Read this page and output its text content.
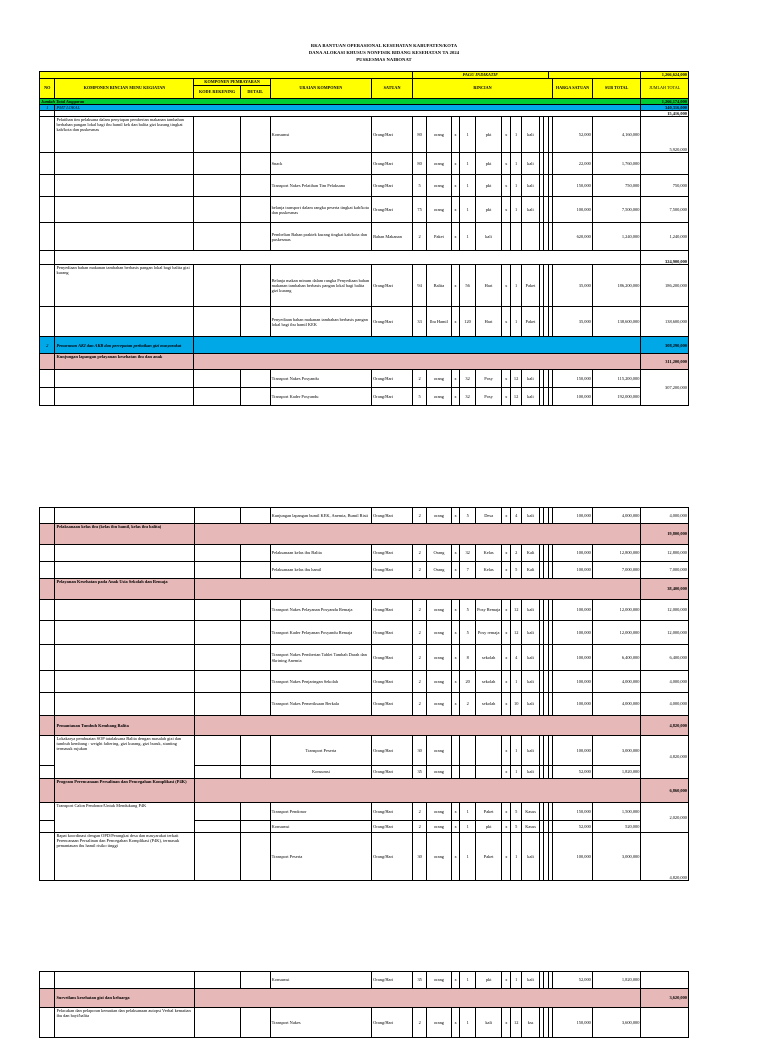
RKA BANTUAN OPERASIONAL KESEHATAN KABUPATEN/KOTA
DANA ALOKASI KHUSUS NONFISIK BIDANG KESEHATAN TA 2024
PUSKESMAS NAIBONAT
						PAGU INDIKATIF													1,266,624,000
NO	KOMPONEN RINCIAN MENU KEGIATAN	KOMPONEN PEMBAYARAN		URAIAN KOMPONEN	SATUAN	RINCIAN											HARGA SATUAN	SUB TOTAL	JUMLAH TOTAL
		KODE REKENING	DETAIL																
Jumlah Total Anggaran																			1,266,174,000
1	PMT LOKAL																		340,316,000
																			15,416,000
	Pelatihan tim pelaksana dalam penyiapan pemberian makanan tambahan berbahan pangan lokal bagi ibu hamil kek dan balita gizi kurang tingkat kab/kota dan puskesmas			Konsumsi	Orang/Hari	80	orang	x	1	pkt	x	1	kali				52,000	4,160,000	5,920,000
				Snack	Orang/Hari	80	orang	x	1	pkt	x	1	kali				22,000	1,760,000	
				Transport Nakes Pelatihan Tim Pelaksana	Orang/Hari	5	orang	x	1	pkt	x	1	kali				150,000	750,000	750,000
				belanja transport dalam rangka peserta tingkat kab/kota dan puskesmas	Orang/Hari	75	orang	x	1	pkt	x	1	kali				100,000	7,500,000	7,500,000
				Pembelian Bahan praktek kurang tingkat kab/kota dan puskesmas	Bahan Makanan	2	Paket	x	1	kali							620,000	1,240,000	1,240,000
																			324,900,000
	Penyediaan bahan makanan tambahan berbasis pangan lokal bagi balita gizi kurang			Belanja makan minum dalam rangka Penyediaan bahan makanan tambahan berbasis pangan lokal bagi balita gizi kurang	Orang/Hari	94	Balita	x	56	Hari	x	1	Paket				35,000	186,200,000	186,200,000
				Penyediaan bahan makanan tambahan berbasis pangan lokal bagi ibu hamil KEK	Orang/Hari	33	Ibu Hamil	x	120	Hari	x	1	Paket				35,000	138,600,000	138,600,000
2	Penurunan AKI dan AKB dan percepatan perbaikan gizi masyarakat																		308,290,000
	Kunjungan lapangan pelayanan kesehatan ibu dan anak																		311,200,000
				Transport Nakes Posyandu	Orang/Hari	2	orang	x	32	Posy	x	12	kali				150,000	115,200,000	307,200,000
				Transport Kader Posyandu	Orang/Hari	5	orang	x	32	Posy	x	12	kali				100,000	192,000,000	
				Kunjungan lapangan bumil KEK, Anemia, Bumil Risti	Orang/Hari	2	orang	x	5	Desa	x	4	kali				100,000	4,000,000	4,000,000
	Pelaksanaan kelas ibu (kelas ibu hamil, kelas ibu balita)																		19,800,000
				Pelaksanaan kelas ibu Balita	Orang/Hari	2	Orang	x	32	Kelas	x	2	Kali				100,000	12,800,000	12,800,000
				Pelaksanaan kelas ibu hamil	Orang/Hari	2	Orang	x	7	Kelas	x	5	Kali				100,000	7,000,000	7,000,000
	Pelayanan Kesehatan pada Anak Usia Sekolah dan Remaja																		38,400,000
				Transport Nakes Pelayanan Posyandu Remaja	Orang/Hari	2	orang	x	5	Posy Remaja	x	12	kali				100,000	12,000,000	12,000,000
				Transport Kader Pelayanan Posyandu Remaja	Orang/Hari	2	orang	x	5	Posy remaja	x	12	kali				100,000	12,000,000	12,000,000
				Transport Nakes Pemberian Tablet Tambah Darah dan Skrining Anemia	Orang/Hari	2	orang	x	8	sekolah	x	4	kali				100,000	6,400,000	6,400,000
				Transport Nakes Penjaringan Sekolah	Orang/Hari	2	orang	x	20	sekolah	x	1	kali				100,000	4,000,000	4,000,000
				Transport Nakes Pemeriksaan Berkala	Orang/Hari	2	orang	x	2	sekolah	x	10	kali				100,000	4,000,000	4,000,000
	Pemantauan Tumbuh Kembang Balita																		4,820,000
	Lokakarya pembuatan SOP tatalaksana Balita dengan masalah gizi dan tumbuh kembang : weight faltering, gizi kurang, gizi buruk, stunting termasuk rujukan			Transport Peserta	Orang/Hari	30	orang				x	1	kali				100,000	3,000,000	4,820,000
				Konsumsi	Orang/Hari	35	orang				x	1	kali				52,000	1,820,000	
	Program Perencanaan Persalinan dan Pencegahan Komplikasi (P4K)																		6,860,000
	Transport Calon Pendonor/Untuk Mendukung P4K			Transport Pendonor	Orang/Hari	2	orang	x	1	Paket	x	5	Kasus				150,000	1,500,000	2,020,000
				Konsumsi	Orang/Hari	2	orang	x	1	pkt	x	5	Kasus				52,000	520,000	
	Rapat koordinasi dengan OPD/Perangkat desa dan masyarakat terkait Perencanaan Persalinan dan Pencegahan Komplikasi (P4K), termasuk pemantauan ibu hamil risiko tinggi			Transport Peserta	Orang/Hari	30	orang	x	1	Paket	x	1	kali				100,000	3,000,000	4,820,000
				Konsumsi	Orang/Hari	35	orang	x	1	pkt	x	1	kali				52,000	1,820,000	
	Surveilans kesehatan gizi dan keluarga																		3,620,000
	Pelacakan dan pelaporan kematian dan pelaksanaan autopsi Verbal kematian ibu dan bayi/balita			Transport Nakes	Orang/Hari	2	orang	x	1	kali	x	12	kss				150,000	3,600,000	
